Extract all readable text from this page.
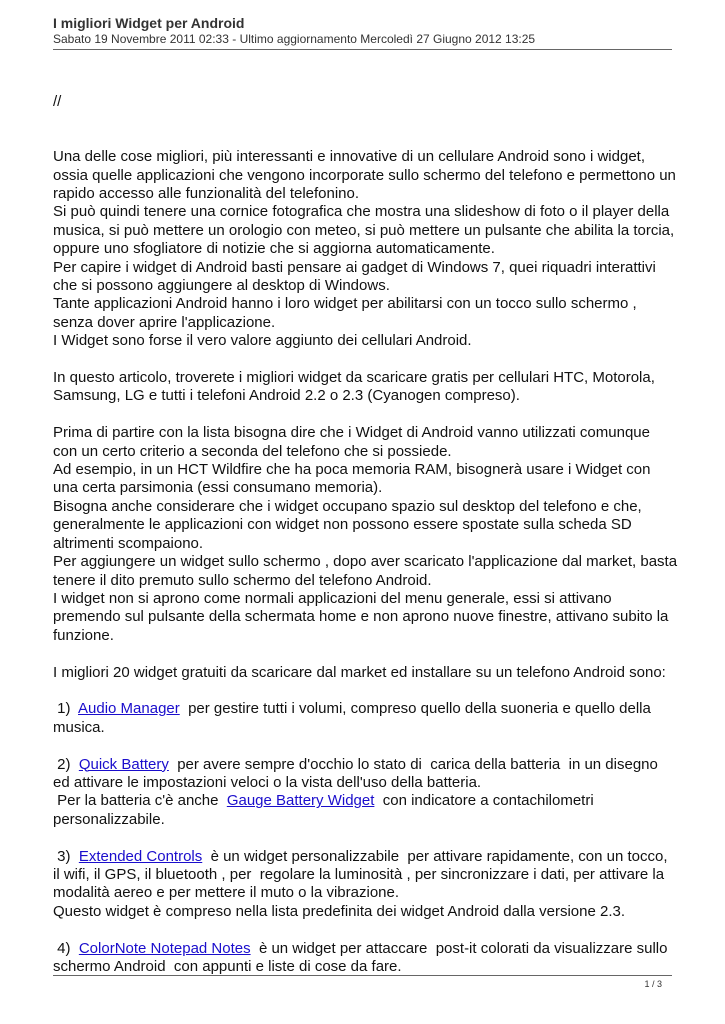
I migliori Widget per Android
Sabato 19 Novembre 2011 02:33 - Ultimo aggiornamento Mercoledì 27 Giugno 2012 13:25

//

Una delle cose migliori, più interessanti e innovative di un cellulare Android sono i widget, ossia quelle applicazioni che vengono incorporate sullo schermo del telefono e permettono un rapido accesso alle funzionalità del telefonino.

Si può quindi tenere una cornice fotografica che mostra una slideshow di foto o il player della musica, si può mettere un orologio con meteo, si può mettere un pulsante che abilita la torcia, oppure uno sfogliatore di notizie che si aggiorna automaticamente.

Per capire i widget di Android basti pensare ai gadget di Windows 7, quei riquadri interattivi che si possono aggiungere al desktop di Windows.

Tante applicazioni Android hanno i loro widget per abilitarsi con un tocco sullo schermo , senza dover aprire l'applicazione.

I Widget sono forse il vero valore aggiunto dei cellulari Android.

In questo articolo, troverete i migliori widget da scaricare gratis per cellulari HTC, Motorola, Samsung, LG e tutti i telefoni Android 2.2 o 2.3 (Cyanogen compreso).

Prima di partire con la lista bisogna dire che i Widget di Android vanno utilizzati comunque con un certo criterio a seconda del telefono che si possiede.

Ad esempio, in un HCT Wildfire che ha poca memoria RAM, bisognerà usare i Widget con una certa parsimonia (essi consumano memoria).

Bisogna anche considerare che i widget occupano spazio sul desktop del telefono e che, generalmente le applicazioni con widget non possono essere spostate sulla scheda SD altrimenti scompaiono.

Per aggiungere un widget sullo schermo , dopo aver scaricato l'applicazione dal market, basta tenere il dito premuto sullo schermo del telefono Android.

I widget non si aprono come normali applicazioni del menu generale, essi si attivano premendo sul pulsante della schermata home e non aprono nuove finestre, attivano subito la funzione.

I migliori 20 widget gratuiti da scaricare dal market ed installare su un telefono Android sono:

1)  Audio Manager  per gestire tutti i volumi, compreso quello della suoneria e quello della musica.

2)  Quick Battery  per avere sempre d'occhio lo stato di  carica della batteria  in un disegno ed attivare le impostazioni veloci o la vista dell'uso della batteria.

Per la batteria c'è anche  Gauge Battery Widget  con indicatore a contachilometri personalizzabile.

3)  Extended Controls  è un widget personalizzabile  per attivare rapidamente, con un tocco, il wifi, il GPS, il bluetooth , per  regolare la luminosità , per sincronizzare i dati, per attivare la modalità aereo e per mettere il muto o la vibrazione.

Questo widget è compreso nella lista predefinita dei widget Android dalla versione 2.3.

4)  ColorNote Notepad Notes  è un widget per attaccare  post-it colorati da visualizzare sullo schermo Android  con appunti e liste di cose da fare.

1 / 3
